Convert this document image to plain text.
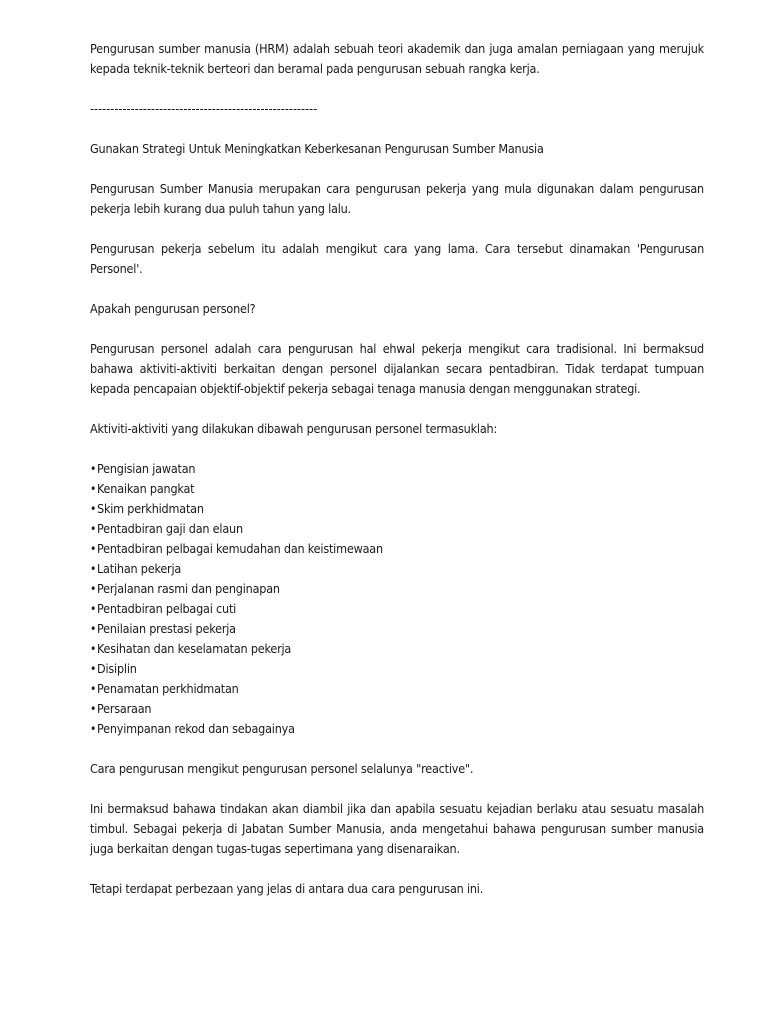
Pengurusan sumber manusia (HRM) adalah sebuah teori akademik dan juga amalan perniagaan yang merujuk kepada teknik-teknik berteori dan beramal pada pengurusan sebuah rangka kerja.

--------------------------------------------------------

Gunakan Strategi Untuk Meningkatkan Keberkesanan Pengurusan Sumber Manusia

Pengurusan Sumber Manusia merupakan cara pengurusan pekerja yang mula digunakan dalam pengurusan pekerja lebih kurang dua puluh tahun yang lalu.

Pengurusan pekerja sebelum itu adalah mengikut cara yang lama. Cara tersebut dinamakan 'Pengurusan Personel'.

Apakah pengurusan personel?

Pengurusan personel adalah cara pengurusan hal ehwal pekerja mengikut cara tradisional. Ini bermaksud bahawa aktiviti-aktiviti berkaitan dengan personel dijalankan secara pentadbiran. Tidak terdapat tumpuan kepada pencapaian objektif-objektif pekerja sebagai tenaga manusia dengan menggunakan strategi.

Aktiviti-aktiviti yang dilakukan dibawah pengurusan personel termasuklah:

•Pengisian jawatan
•Kenaikan pangkat
•Skim perkhidmatan
•Pentadbiran gaji dan elaun
•Pentadbiran pelbagai kemudahan dan keistimewaan
•Latihan pekerja
•Perjalanan rasmi dan penginapan
•Pentadbiran pelbagai cuti
•Penilaian prestasi pekerja
•Kesihatan dan keselamatan pekerja
•Disiplin
•Penamatan perkhidmatan
•Persaraan
•Penyimpanan rekod dan sebagainya

Cara pengurusan mengikut pengurusan personel selalunya "reactive".

Ini bermaksud bahawa tindakan akan diambil jika dan apabila sesuatu kejadian berlaku atau sesuatu masalah timbul. Sebagai pekerja di Jabatan Sumber Manusia, anda mengetahui bahawa pengurusan sumber manusia juga berkaitan dengan tugas-tugas sepertimana yang disenaraikan.

Tetapi terdapat perbezaan yang jelas di antara dua cara pengurusan ini.
